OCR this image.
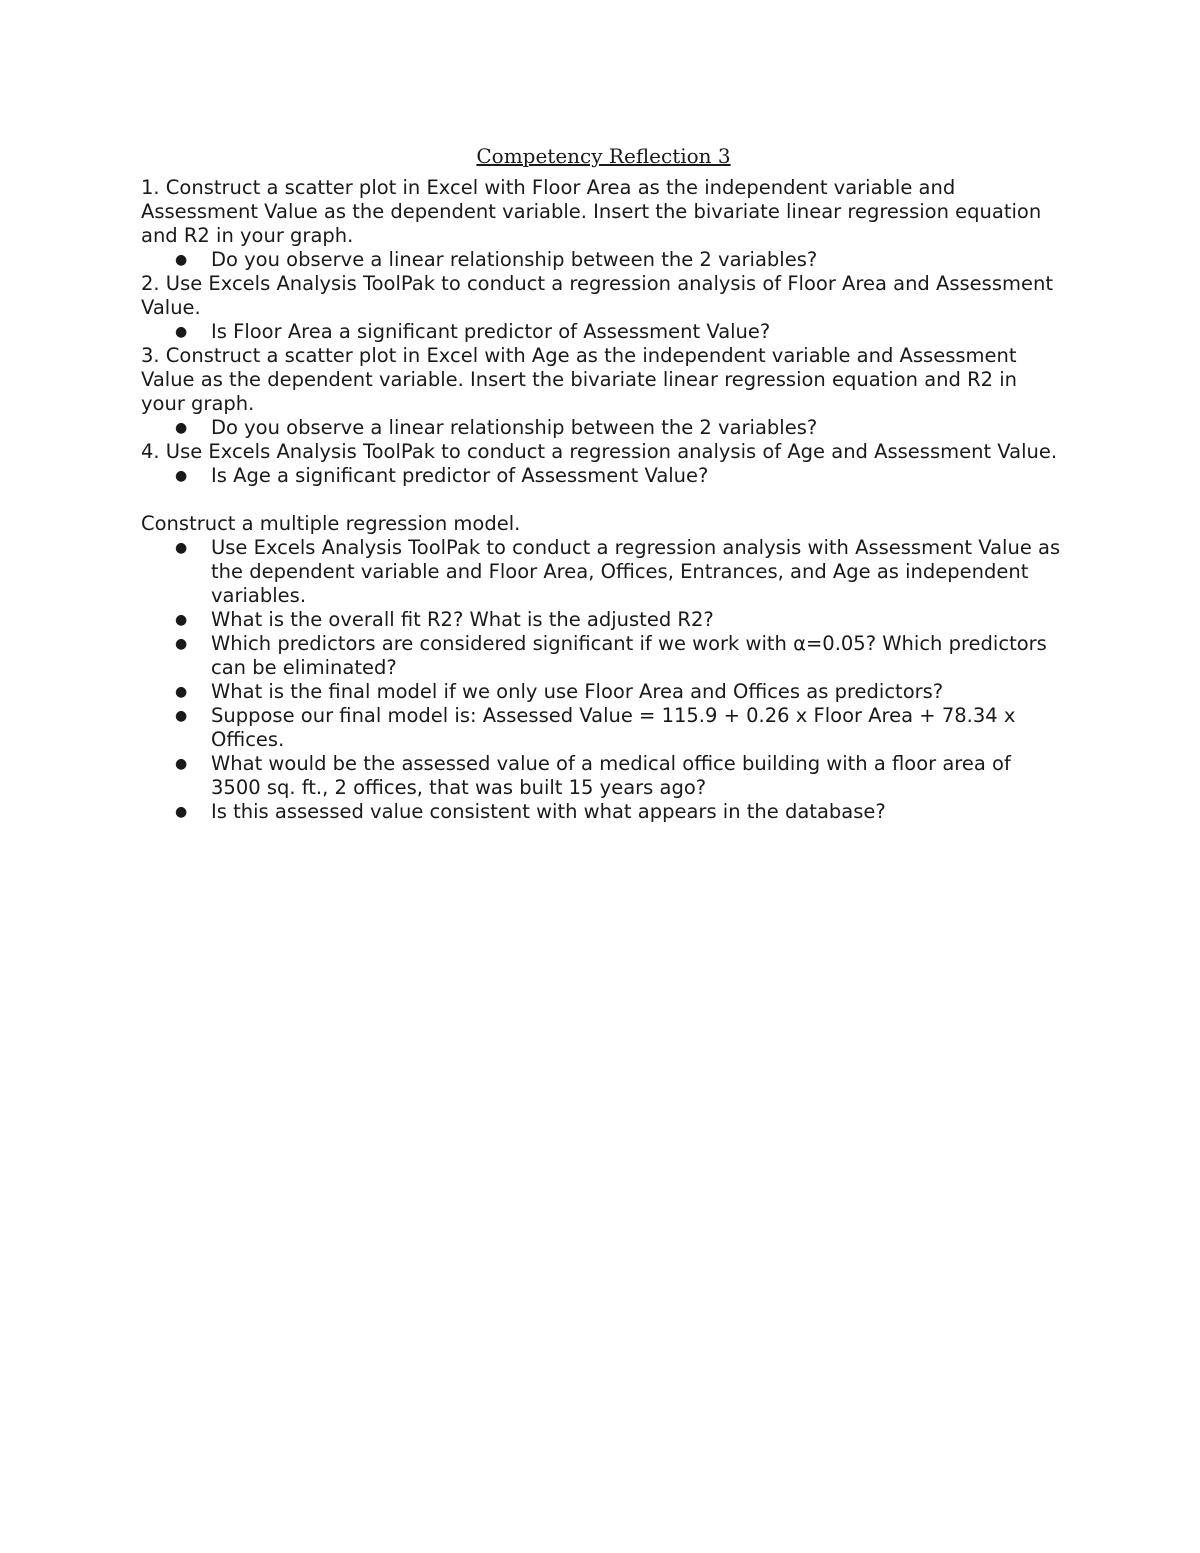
Competency Reflection 3

1. Construct a scatter plot in Excel with Floor Area as the independent variable and Assessment Value as the dependent variable. Insert the bivariate linear regression equation and R2 in your graph.

● Do you observe a linear relationship between the 2 variables?

2. Use Excels Analysis ToolPak to conduct a regression analysis of Floor Area and Assessment Value.

● Is Floor Area a significant predictor of Assessment Value?

3. Construct a scatter plot in Excel with Age as the independent variable and Assessment Value as the dependent variable. Insert the bivariate linear regression equation and R2 in your graph.

● Do you observe a linear relationship between the 2 variables?

4. Use Excels Analysis ToolPak to conduct a regression analysis of Age and Assessment Value.

● Is Age a significant predictor of Assessment Value?

Construct a multiple regression model.

● Use Excels Analysis ToolPak to conduct a regression analysis with Assessment Value as the dependent variable and Floor Area, Offices, Entrances, and Age as independent variables.
● What is the overall fit R2? What is the adjusted R2?
● Which predictors are considered significant if we work with α=0.05? Which predictors can be eliminated?
● What is the final model if we only use Floor Area and Offices as predictors?
● Suppose our final model is: Assessed Value = 115.9 + 0.26 x Floor Area + 78.34 x Offices.
● What would be the assessed value of a medical office building with a floor area of 3500 sq. ft., 2 offices, that was built 15 years ago?
● Is this assessed value consistent with what appears in the database?
